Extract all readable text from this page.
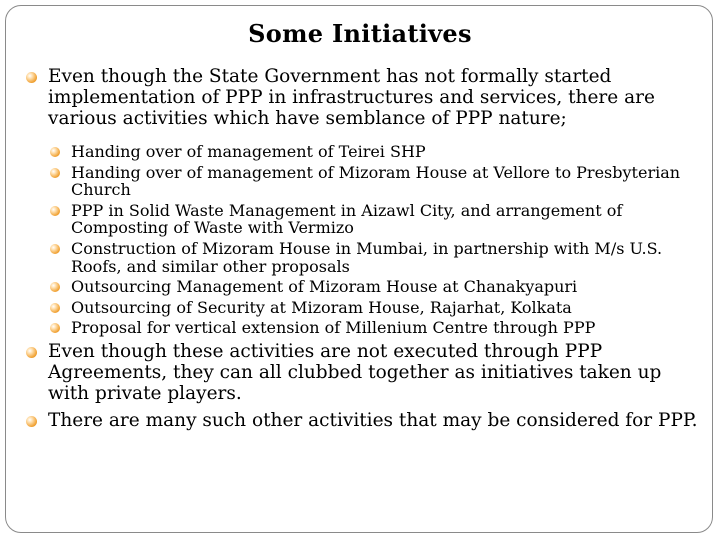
Some Initiatives
Even though the State Government has not formally started implementation of PPP in infrastructures and services, there are various activities which have semblance of PPP nature;
Handing over of management of Teirei SHP
Handing over of management of Mizoram House at Vellore to Presbyterian Church
PPP in Solid Waste Management in Aizawl City, and arrangement of Composting of Waste with Vermizo
Construction of Mizoram House in Mumbai, in partnership with M/s U.S. Roofs, and similar other proposals
Outsourcing Management of Mizoram House at Chanakyapuri
Outsourcing of Security at Mizoram House, Rajarhat, Kolkata
Proposal for vertical extension of Millenium Centre through PPP
Even though these activities are not executed through PPP Agreements, they can all clubbed together as initiatives taken up with private players.
There are many such other activities that may be considered for PPP.
